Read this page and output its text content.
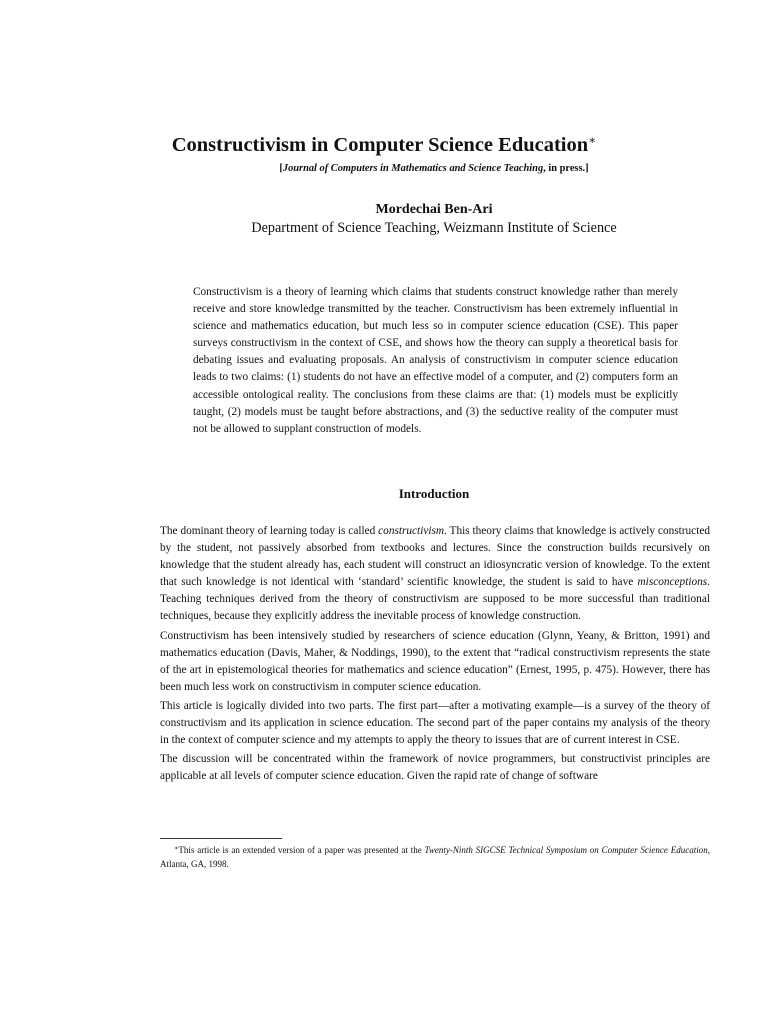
Constructivism in Computer Science Education∗

[Journal of Computers in Mathematics and Science Teaching, in press.]

Mordechai Ben-Ari

Department of Science Teaching, Weizmann Institute of Science

Constructivism is a theory of learning which claims that students construct knowledge rather than merely receive and store knowledge transmitted by the teacher. Constructivism has been extremely influential in science and mathematics education, but much less so in computer science education (CSE). This paper surveys constructivism in the context of CSE, and shows how the theory can supply a theoretical basis for debating issues and evaluating proposals. An analysis of constructivism in computer science education leads to two claims: (1) students do not have an effective model of a computer, and (2) computers form an accessible ontological reality. The conclusions from these claims are that: (1) models must be explicitly taught, (2) models must be taught before abstractions, and (3) the seductive reality of the computer must not be allowed to supplant construction of models.

Introduction

The dominant theory of learning today is called constructivism. This theory claims that knowledge is actively constructed by the student, not passively absorbed from textbooks and lectures. Since the construction builds recursively on knowledge that the student already has, each student will construct an idiosyncratic version of knowledge. To the extent that such knowledge is not identical with ‘standard’ scientific knowledge, the student is said to have misconceptions. Teaching techniques derived from the theory of constructivism are supposed to be more successful than traditional techniques, because they explicitly address the inevitable process of knowledge construction.

Constructivism has been intensively studied by researchers of science education (Glynn, Yeany, & Britton, 1991) and mathematics education (Davis, Maher, & Noddings, 1990), to the extent that “radical constructivism represents the state of the art in epistemological theories for mathematics and science education” (Ernest, 1995, p. 475). However, there has been much less work on constructivism in computer science education.

This article is logically divided into two parts. The first part—after a motivating example—is a survey of the theory of constructivism and its application in science education. The second part of the paper contains my analysis of the theory in the context of computer science and my attempts to apply the theory to issues that are of current interest in CSE.

The discussion will be concentrated within the framework of novice programmers, but constructivist principles are applicable at all levels of computer science education. Given the rapid rate of change of software

∗This article is an extended version of a paper was presented at the Twenty-Ninth SIGCSE Technical Symposium on Computer Science Education, Atlanta, GA, 1998.
